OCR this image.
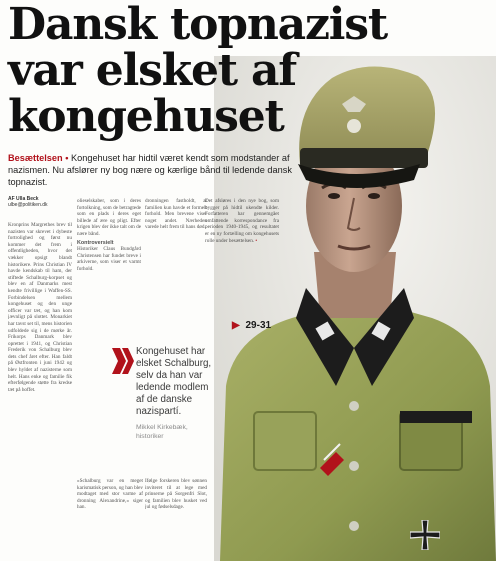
Dansk topnazist
var elsket af
kongehuset
Besættelsen • Kongehuset har hidtil været kendt som modstander af nazismen. Nu afslører ny bog nære og kærlige bånd til ledende dansk topnazist.
AF Ulla Beck
ulbe@politiken.dk
Kronprins Margrethes brev til nazisten var skrevet i dybeste fortrolighed og først nu kommer det frem i offentligheden, hvor det vækker opsigt blandt historikere. Prins Christian IV havde kendskab til ham, der stiftede Schalburg-korpset og blev en af Danmarks mest kendte frivillige i Waffen-SS. Forbindelsen mellem kongehuset og den unge officer var tæt, og han kom jævnligt på slottet. Monarkiet har tavst set til, mens historien udfoldede sig i de mørke år. Frikorps Danmark blev oprettet i 1941, og Christian Frederik von Schalburg blev dets chef året efter. Han faldt på Østfronten i juni 1942 og blev hyldet af nazisterne som helt. Hans enke og familie fik efterfølgende støtte fra kredse tæt på hoffet.
olieselskaber, som i deres fortolkning, som de betragtede som en plads i deres eget billede af ære og pligt. Efter krigen blev der ikke talt om de nære bånd.
Kontroversielt
Historiker Claus Bundgård Christensen har fundet breve i arkiverne, som viser et varmt forhold.
dronningen fastholdt, at familien kun havde et formelt forhold. Men brevene viser noget andet. Nærheden varede helt frem til hans død.
Det afsløres i den nye bog, som bygger på hidtil ukendte kilder. Forfatteren har gennemgået omfattende korrespondance fra perioden 1940-1945, og resultatet er en ny fortælling om kongehusets rolle under besættelsen. •
»Schalburg var en meget karismatisk person, og han blev modtaget med stor varme af dronning Alexandrine,« siger han.
Ifølge forskeren blev sønnen inviteret til at lege med prinserne på Sorgenfri Slot, og familien blev husket ved jul og fødselsdage.
▶ 29-31
Kongehuset har elsket Schalburg, selv da han var ledende modlem af de danske nazispartí.
Mikkel Kirkebæk, historiker
